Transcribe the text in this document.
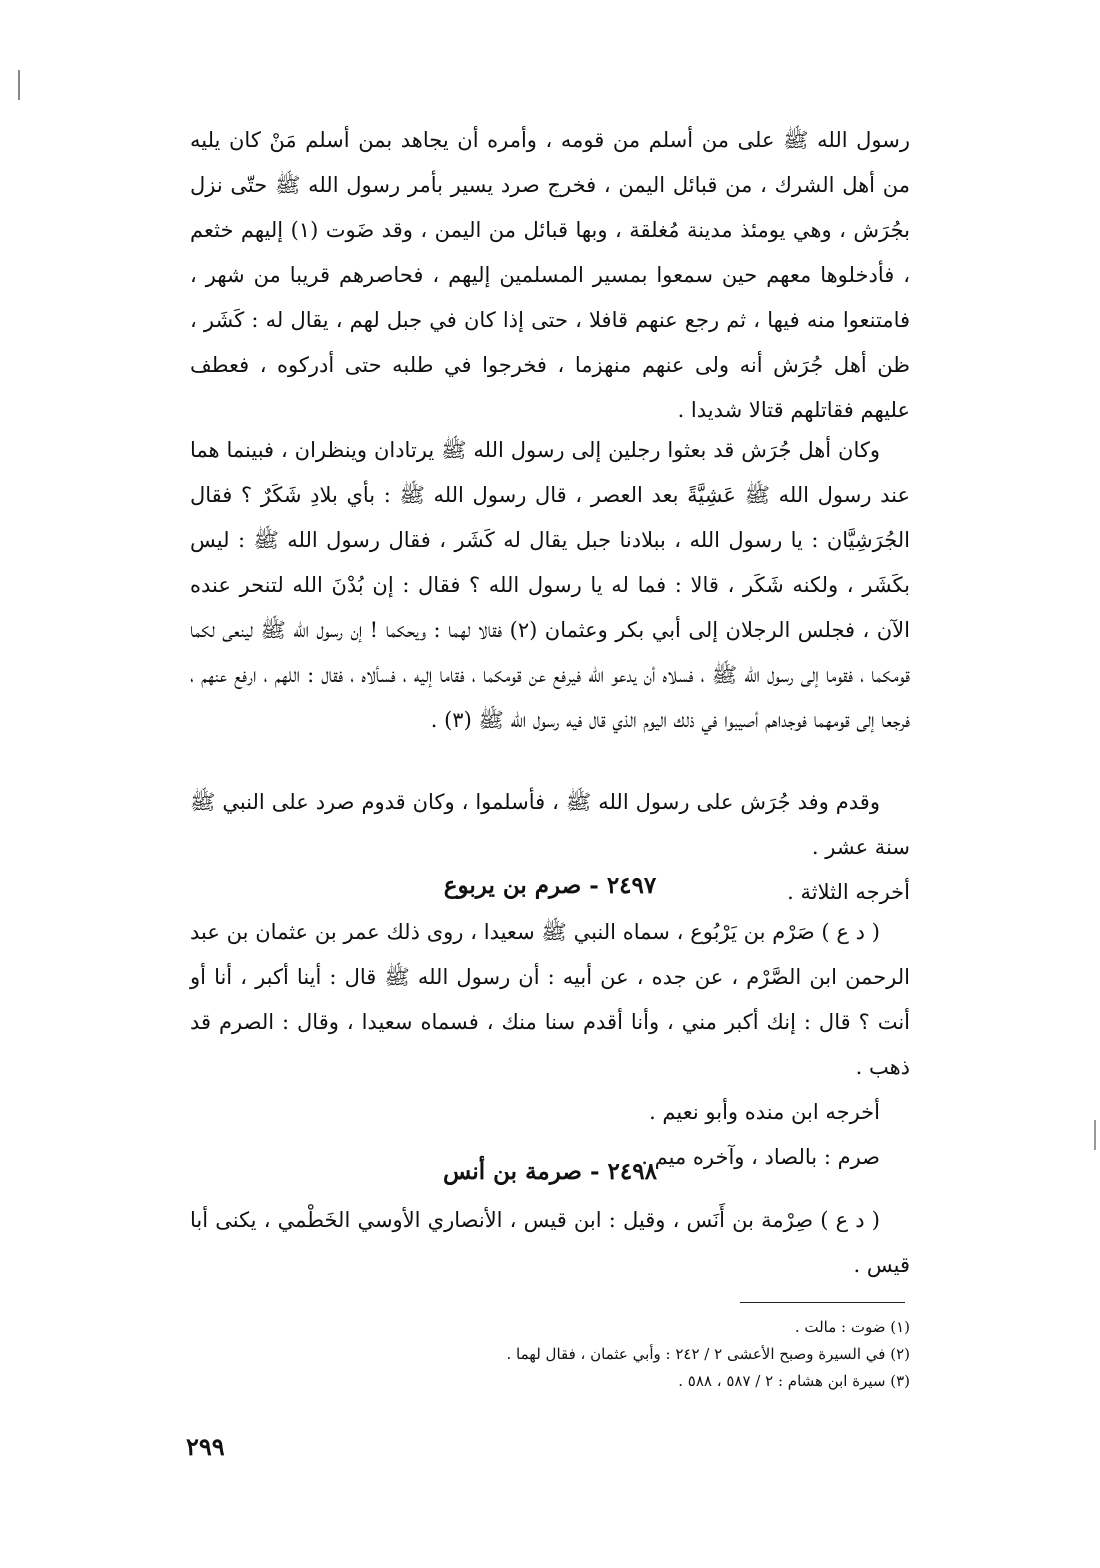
رسول الله ﷺ على من أسلم من قومه ، وأمره أن يجاهد بمن أسلم مَنْ كان يليه من أهل الشرك ، من قبائل اليمن ، فخرج صرد يسير بأمر رسول الله ﷺ حتّى نزل بجُرَش ، وهي يومئذ مدينة مُغلقة ، وبها قبائل من اليمن ، وقد ضَوت (١) إليهم خثعم ، فأدخلوها معهم حين سمعوا بمسير المسلمين إليهم ، فحاصرهم قريبا من شهر ، فامتنعوا منه فيها ، ثم رجع عنهم قافلا ، حتى إذا كان في جبل لهم ، يقال له : كَشَر ، ظن أهل جُرَش أنه ولى عنهم منهزما ، فخرجوا في طلبه حتى أدركوه ، فعطف عليهم فقاتلهم قتالا شديدا .

وكان أهل جُرَش قد بعثوا رجلين إلى رسول الله ﷺ يرتادان وينظران ، فبينما هما عند رسول الله ﷺ عَشِيَّةً بعد العصر ، قال رسول الله ﷺ : بأي بلادِ شَكَرٌ ؟ فقال الجُرَشِيَّان : يا رسول الله ، ببلادنا جبل يقال له كَشَر ، فقال رسول الله ﷺ : ليس بكَشَر ، ولكنه شَكَر ، قالا : فما له يا رسول الله ؟ فقال : إن بُدْنَ الله لتنحر عنده الآن ، فجلس الرجلان إلى أبي بكر وعثمان (٢) فقالا لهما : ويحكما ! إن رسول الله ﷺ لينعى لكما قومكما ، فقوما إلى رسول الله ﷺ ، فسلاه أن يدعو الله فيرفع عن قومكما ، فقاما إليه ، فسألاه ، فقال : اللهم ، ارفع عنهم ، فرجعا إلى قومهما فوجداهم أصيبوا في ذلك اليوم الذي قال فيه رسول الله ﷺ (٣) .

وقدم وفد جُرَش على رسول الله ﷺ ، فأسلموا ، وكان قدوم صرد على النبي ﷺ سنة عشر .

أخرجه الثلاثة .

٢٤٩٧ - صرم بن يربوع

( د ع ) صَرْم بن يَرْبُوع ، سماه النبي ﷺ سعيدا ، روى ذلك عمر بن عثمان بن عبد الرحمن ابن الصَّرْم ، عن جده ، عن أبيه : أن رسول الله ﷺ قال : أينا أكبر ، أنا أو أنت ؟ قال : إنك أكبر مني ، وأنا أقدم سنا منك ، فسماه سعيدا ، وقال : الصرم قد ذهب .

أخرجه ابن منده وأبو نعيم .

صرم : بالصاد ، وآخره ميم .

٢٤٩٨ - صرمة بن أنس

( د ع ) صِرْمة بن أَنَس ، وقيل : ابن قيس ، الأنصاري الأوسي الخَطْمي ، يكنى أبا قيس .

(١) ضوت : مالت .

(٢) في السيرة وصبح الأعشى ٢ / ٢٤٢ : وأبي عثمان ، فقال لهما .

(٣) سيرة ابن هشام : ٢ / ٥٨٧ ، ٥٨٨ .

٢٩٩
